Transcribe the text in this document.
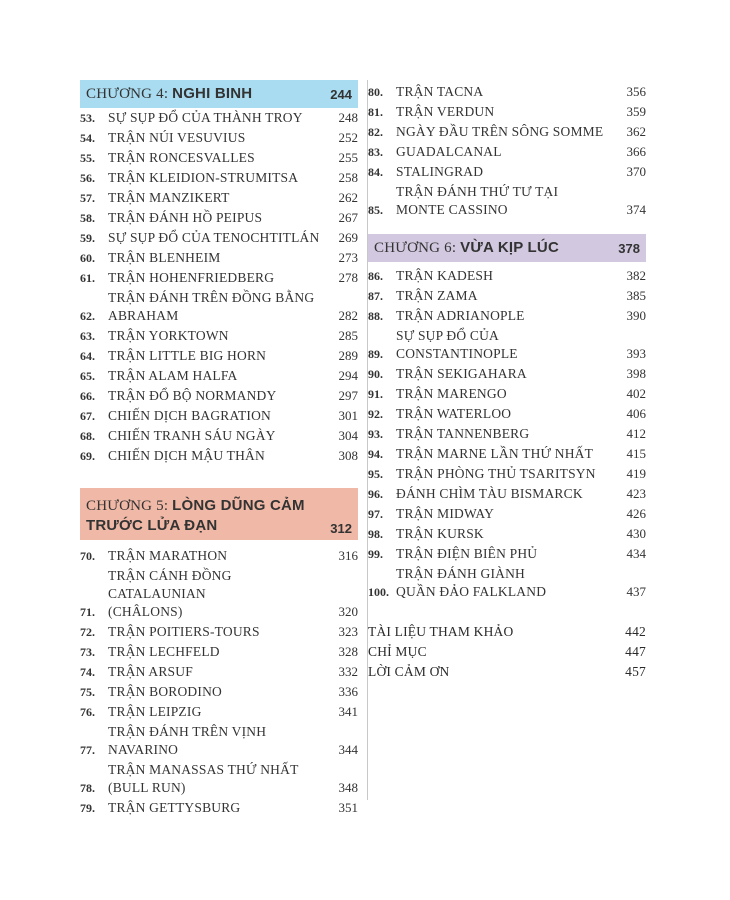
CHƯƠNG 4: NGHI BINH	244
53. SỰ SỤP ĐỔ CỦA THÀNH TROY	248
54. TRẬN NÚI VESUVIUS	252
55. TRẬN RONCESVALLES	255
56. TRẬN KLEIDION-STRUMITSA	258
57. TRẬN MANZIKERT	262
58. TRẬN ĐÁNH HỒ PEIPUS	267
59. SỰ SỤP ĐỔ CỦA TENOCHTITLÁN	269
60. TRẬN BLENHEIM	273
61. TRẬN HOHENFRIEDBERG	278
62.
TRẬN ĐÁNH TRÊN ĐỒNG BẰNG
ABRAHAM	282
63. TRẬN YORKTOWN	285
64. TRẬN LITTLE BIG HORN	289
65. TRẬN ALAM HALFA	294
66. TRẬN ĐỔ BỘ NORMANDY	297
67. CHIẾN DỊCH BAGRATION	301
68. CHIẾN TRANH SÁU NGÀY	304
69. CHIẾN DỊCH MẬU THÂN	308
CHƯƠNG 5: LÒNG DŨNG CẢM
TRƯỚC LỬA ĐẠN	312
70. TRẬN MARATHON	316
71.
TRẬN CÁNH ĐỒNG CATALAUNIAN
(CHÂLONS)	320
72. TRẬN POITIERS-TOURS	323
73. TRẬN LECHFELD	328
74. TRẬN ARSUF	332
75. TRẬN BORODINO	336
76. TRẬN LEIPZIG	341
77.
TRẬN ĐÁNH TRÊN VỊNH
NAVARINO	344
78.
TRẬN MANASSAS THỨ NHẤT
(BULL RUN)	348
79. TRẬN GETTYSBURG	351
80. TRẬN TACNA	356
81. TRẬN VERDUN	359
82. NGÀY ĐẦU TRÊN SÔNG SOMME	362
83. GUADALCANAL	366
84. STALINGRAD	370
85.
TRẬN ĐÁNH THỨ TƯ TẠI
MONTE CASSINO	374
CHƯƠNG 6: VỪA KỊP LÚC	378
86. TRẬN KADESH	382
87. TRẬN ZAMA	385
88. TRẬN ADRIANOPLE	390
89.
SỰ SỤP ĐỔ CỦA
CONSTANTINOPLE	393
90. TRẬN SEKIGAHARA	398
91. TRẬN MARENGO	402
92. TRẬN WATERLOO	406
93. TRẬN TANNENBERG	412
94. TRẬN MARNE LẦN THỨ NHẤT	415
95. TRẬN PHÒNG THỦ TSARITSYN	419
96. ĐÁNH CHÌM TÀU BISMARCK	423
97. TRẬN MIDWAY	426
98. TRẬN KURSK	430
99. TRẬN ĐIỆN BIÊN PHỦ	434
100.
TRẬN ĐÁNH GIÀNH
QUẦN ĐẢO FALKLAND	437
TÀI LIỆU THAM KHẢO	442
CHỈ MỤC	447
LỜI CẢM ƠN	457
